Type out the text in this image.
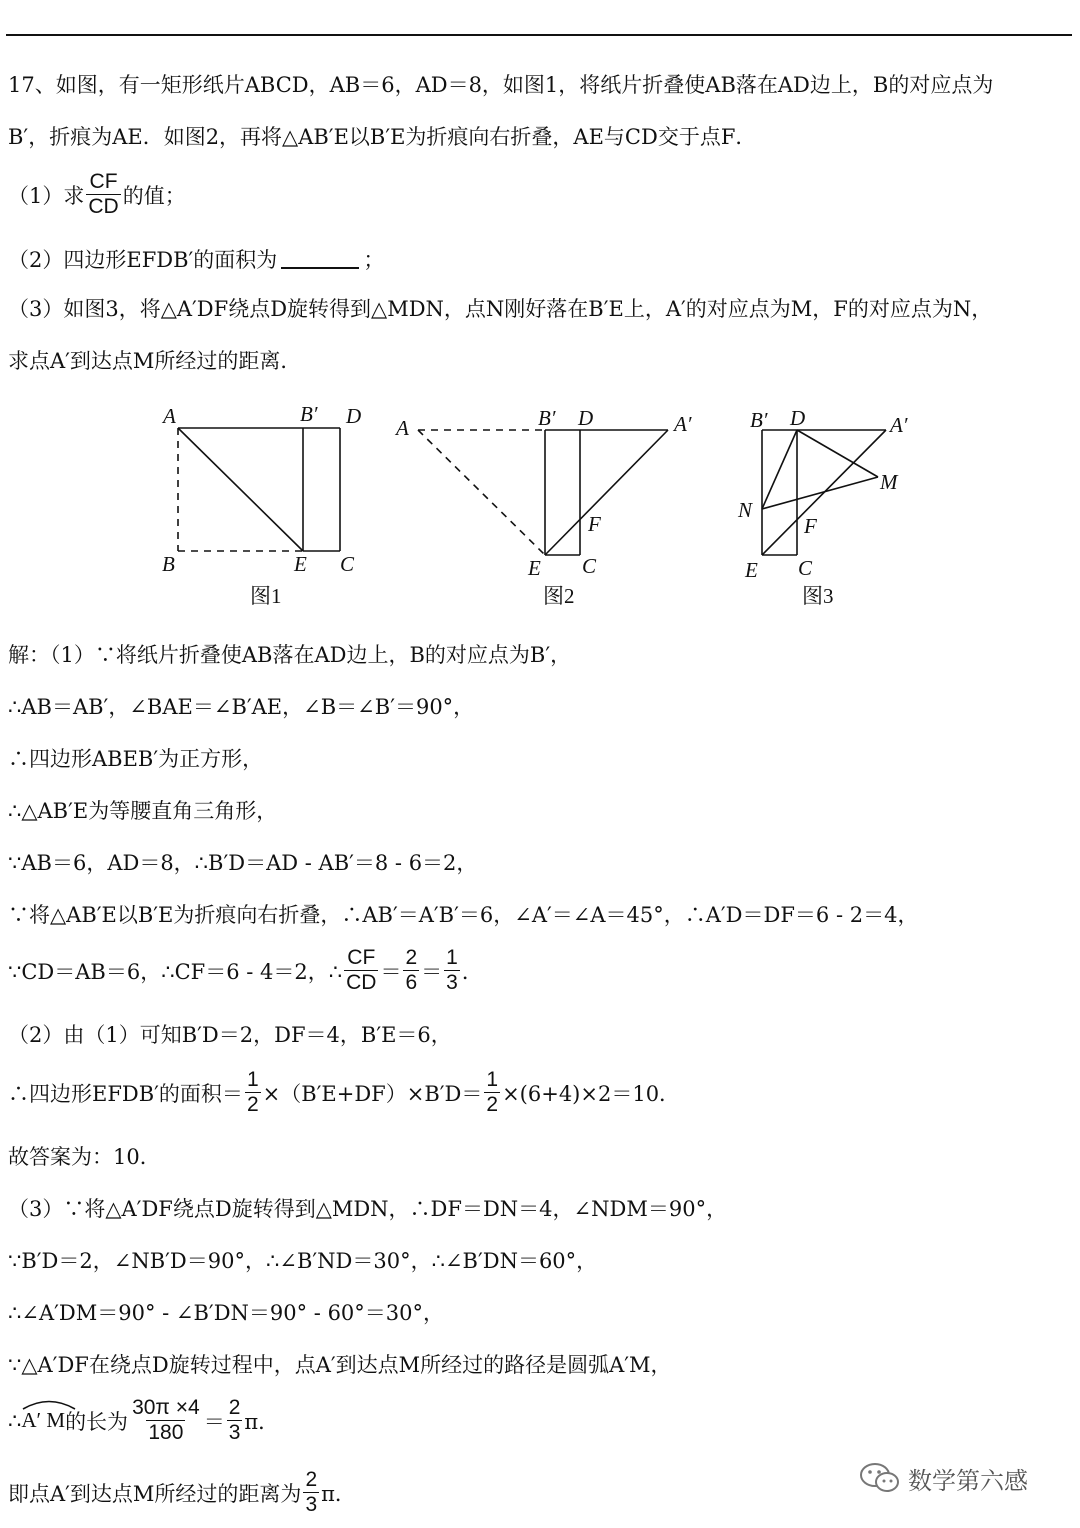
17、如图，有一矩形纸片ABCD，AB＝6，AD＝8，如图1，将纸片折叠使AB落在AD边上，B的对应点为
B′，折痕为AE．如图2，再将△AB′E以B′E为折痕向右折叠，AE与CD交于点F．
（1）求 $\frac{CF}{CD}$ 的值；
（2）四边形EFDB′的面积为	；
（3）如图3，将△A′DF绕点D旋转得到△MDN，点N刚好落在B′E上，A′的对应点为M，F的对应点为N，
求点A′到达点M所经过的距离．
A	B′ D
B	E C
A	B′ D	A′
F
E C
B′ D	A′
M
N
F
E C
图1	图2	图3
解：（1）∵将纸片折叠使AB落在AD边上，B的对应点为B′，
∴AB＝AB′，∠BAE＝∠B′AE，∠B＝∠B′＝90°，
∴四边形ABEB′为正方形，
∴△AB′E为等腰直角三角形，
∵AB＝6，AD＝8，∴B′D＝AD - AB′＝8 - 6＝2，
∵将△AB′E以B′E为折痕向右折叠，∴AB′＝A′B′＝6，∠A′＝∠A＝45°，∴A′D＝DF＝6 - 2＝4，
∵CD＝AB＝6，∴CF＝6 - 4＝2，∴ $\frac{CF}{CD} = \frac{2}{6} = \frac{1}{3}$ ．
（2）由（1）可知B′D＝2，DF＝4，B′E＝6，
∴四边形EFDB′的面积＝ $\frac{1}{2} \times(B'E+DF)\times B'D= \frac{1}{2} \times(6+4)\times 2=10$．
故答案为：10．
（3）∵将△A′DF绕点D旋转得到△MDN，∴DF＝DN＝4，∠NDM＝90°，
∵B′D＝2，∠NB′D＝90°，∴∠B′ND＝30°，∴∠B′DN＝60°，
∴∠A′DM＝90° - ∠B′DN＝90° - 60°＝30°，
∵△A′DF在绕点D旋转过程中，点A′到达点M所经过的路径是圆弧A′M，
∴ A′ M 的长为 $\frac{30\pi \times 4}{180} = \frac{2}{3}$ π．
即点A′到达点M所经过的距离为 $\frac{2}{3}$ π．	数学第六感
